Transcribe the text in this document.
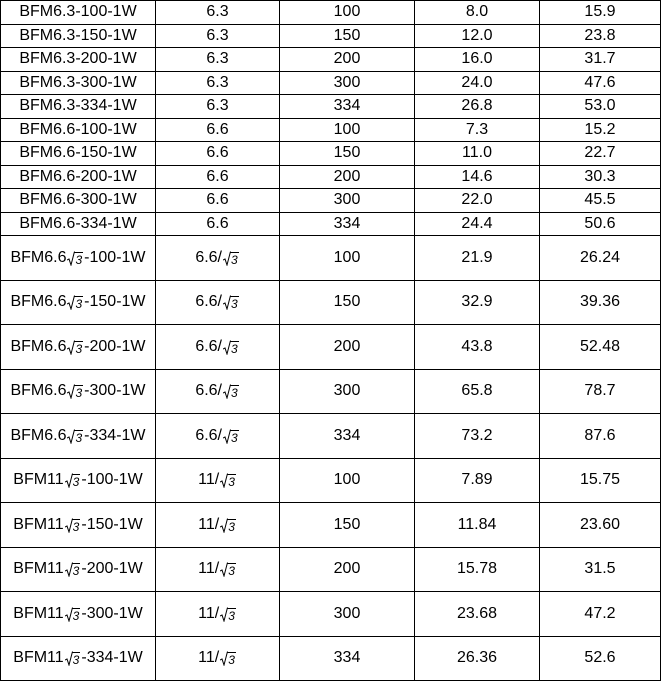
BFM6.3-100-1W	6.3	100	8.0	15.9
BFM6.3-150-1W	6.3	150	12.0	23.8
BFM6.3-200-1W	6.3	200	16.0	31.7
BFM6.3-300-1W	6.3	300	24.0	47.6
BFM6.3-334-1W	6.3	334	26.8	53.0
BFM6.6-100-1W	6.6	100	7.3	15.2
BFM6.6-150-1W	6.6	150	11.0	22.7
BFM6.6-200-1W	6.6	200	14.6	30.3
BFM6.6-300-1W	6.6	300	22.0	45.5
BFM6.6-334-1W	6.6	334	24.4	50.6
BFM6.6 3 -100-1W	6.6/ 3	100	21.9	26.24
BFM6.6 3 -150-1W	6.6/ 3	150	32.9	39.36
BFM6.6 3 -200-1W	6.6/ 3	200	43.8	52.48
BFM6.6 3 -300-1W	6.6/ 3	300	65.8	78.7
BFM6.6 3 -334-1W	6.6/ 3	334	73.2	87.6
BFM11 3 -100-1W	11/ 3	100	7.89	15.75
BFM11 3 -150-1W	11/ 3	150	11.84	23.60
BFM11 3 -200-1W	11/ 3	200	15.78	31.5
BFM11 3 -300-1W	11/ 3	300	23.68	47.2
BFM11 3 -334-1W	11/ 3	334	26.36	52.6
